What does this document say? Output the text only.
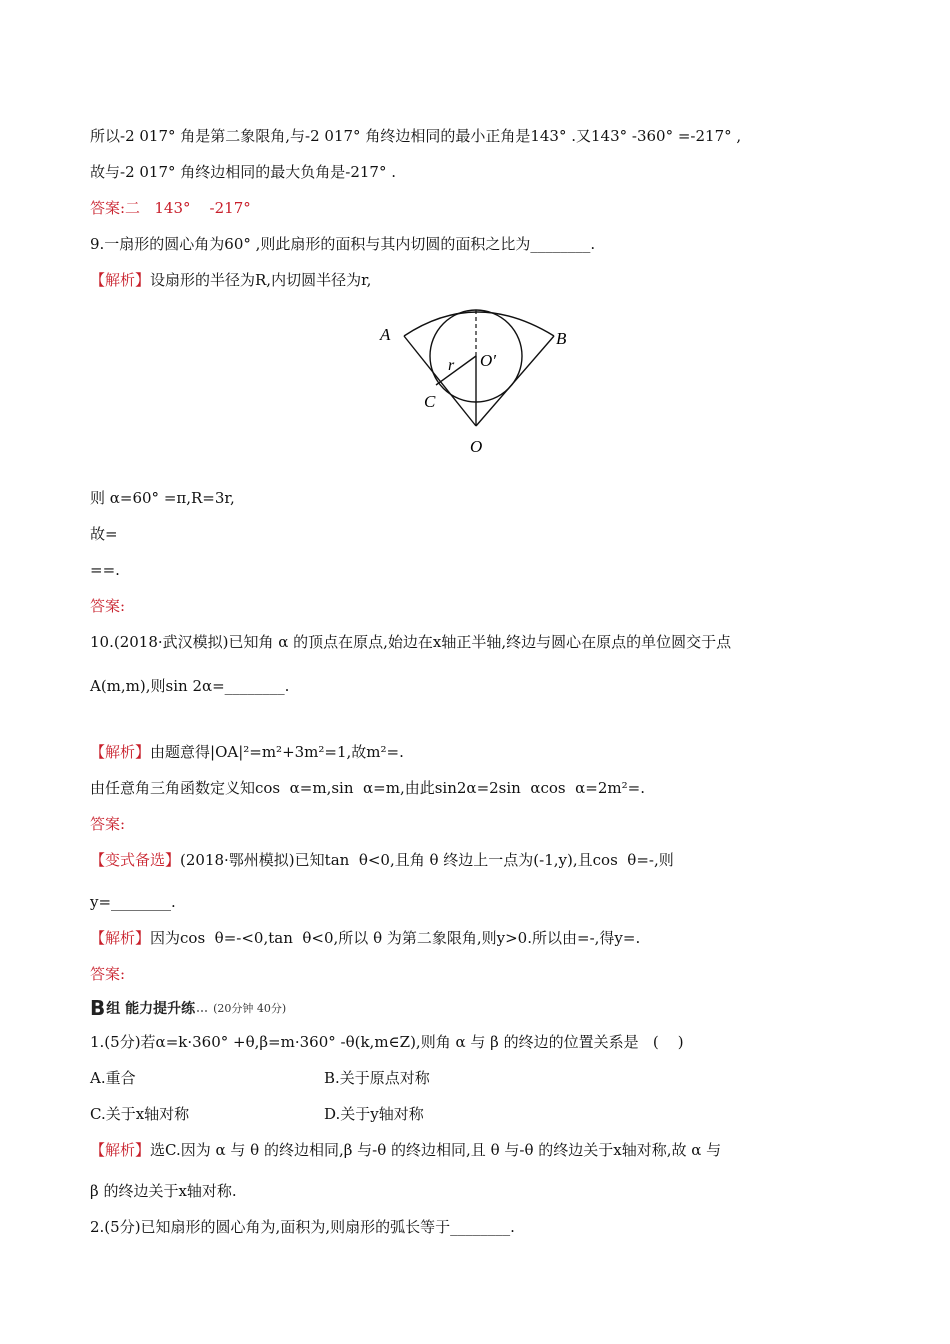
所以-2 017° 角是第二象限角,与-2 017° 角终边相同的最小正角是143° .又143° -360° =-217° ,
故与-2 017° 角终边相同的最大负角是-217° .
答案:二   143°    -217°
9.一扇形的圆心角为60° ,则此扇形的面积与其内切圆的面积之比为________.
【解析】设扇形的半径为R,内切圆半径为r,
A	B
C
O
O′
r
则 α=60° =π,R=3r,
故=
==.
答案:
10.(2018·武汉模拟)已知角 α 的顶点在原点,始边在x轴正半轴,终边与圆心在原点的单位圆交于点
A(m,m),则sin 2α=________.
【解析】由题意得|OA|²=m²+3m²=1,故m²=.
由任意角三角函数定义知cos  α=m,sin  α=m,由此sin2α=2sin  αcos  α=2m²=.
答案:
【变式备选】(2018·鄂州模拟)已知tan  θ<0,且角 θ 终边上一点为(-1,y),且cos  θ=-,则
y=________.
【解析】因为cos  θ=-<0,tan  θ<0,所以 θ 为第二象限角,则y>0.所以由=-,得y=.
答案:
B 组 能力提升练 (20分钟 40分)
1.(5分)若α=k·360° +θ,β=m·360° -θ(k,m∈Z),则角 α 与 β 的终边的位置关系是   (    )
A.重合	B.关于原点对称
C.关于x轴对称	D.关于y轴对称
【解析】选C.因为 α 与 θ 的终边相同,β 与-θ 的终边相同,且 θ 与-θ 的终边关于x轴对称,故 α 与
β 的终边关于x轴对称.
2.(5分)已知扇形的圆心角为,面积为,则扇形的弧长等于________.
